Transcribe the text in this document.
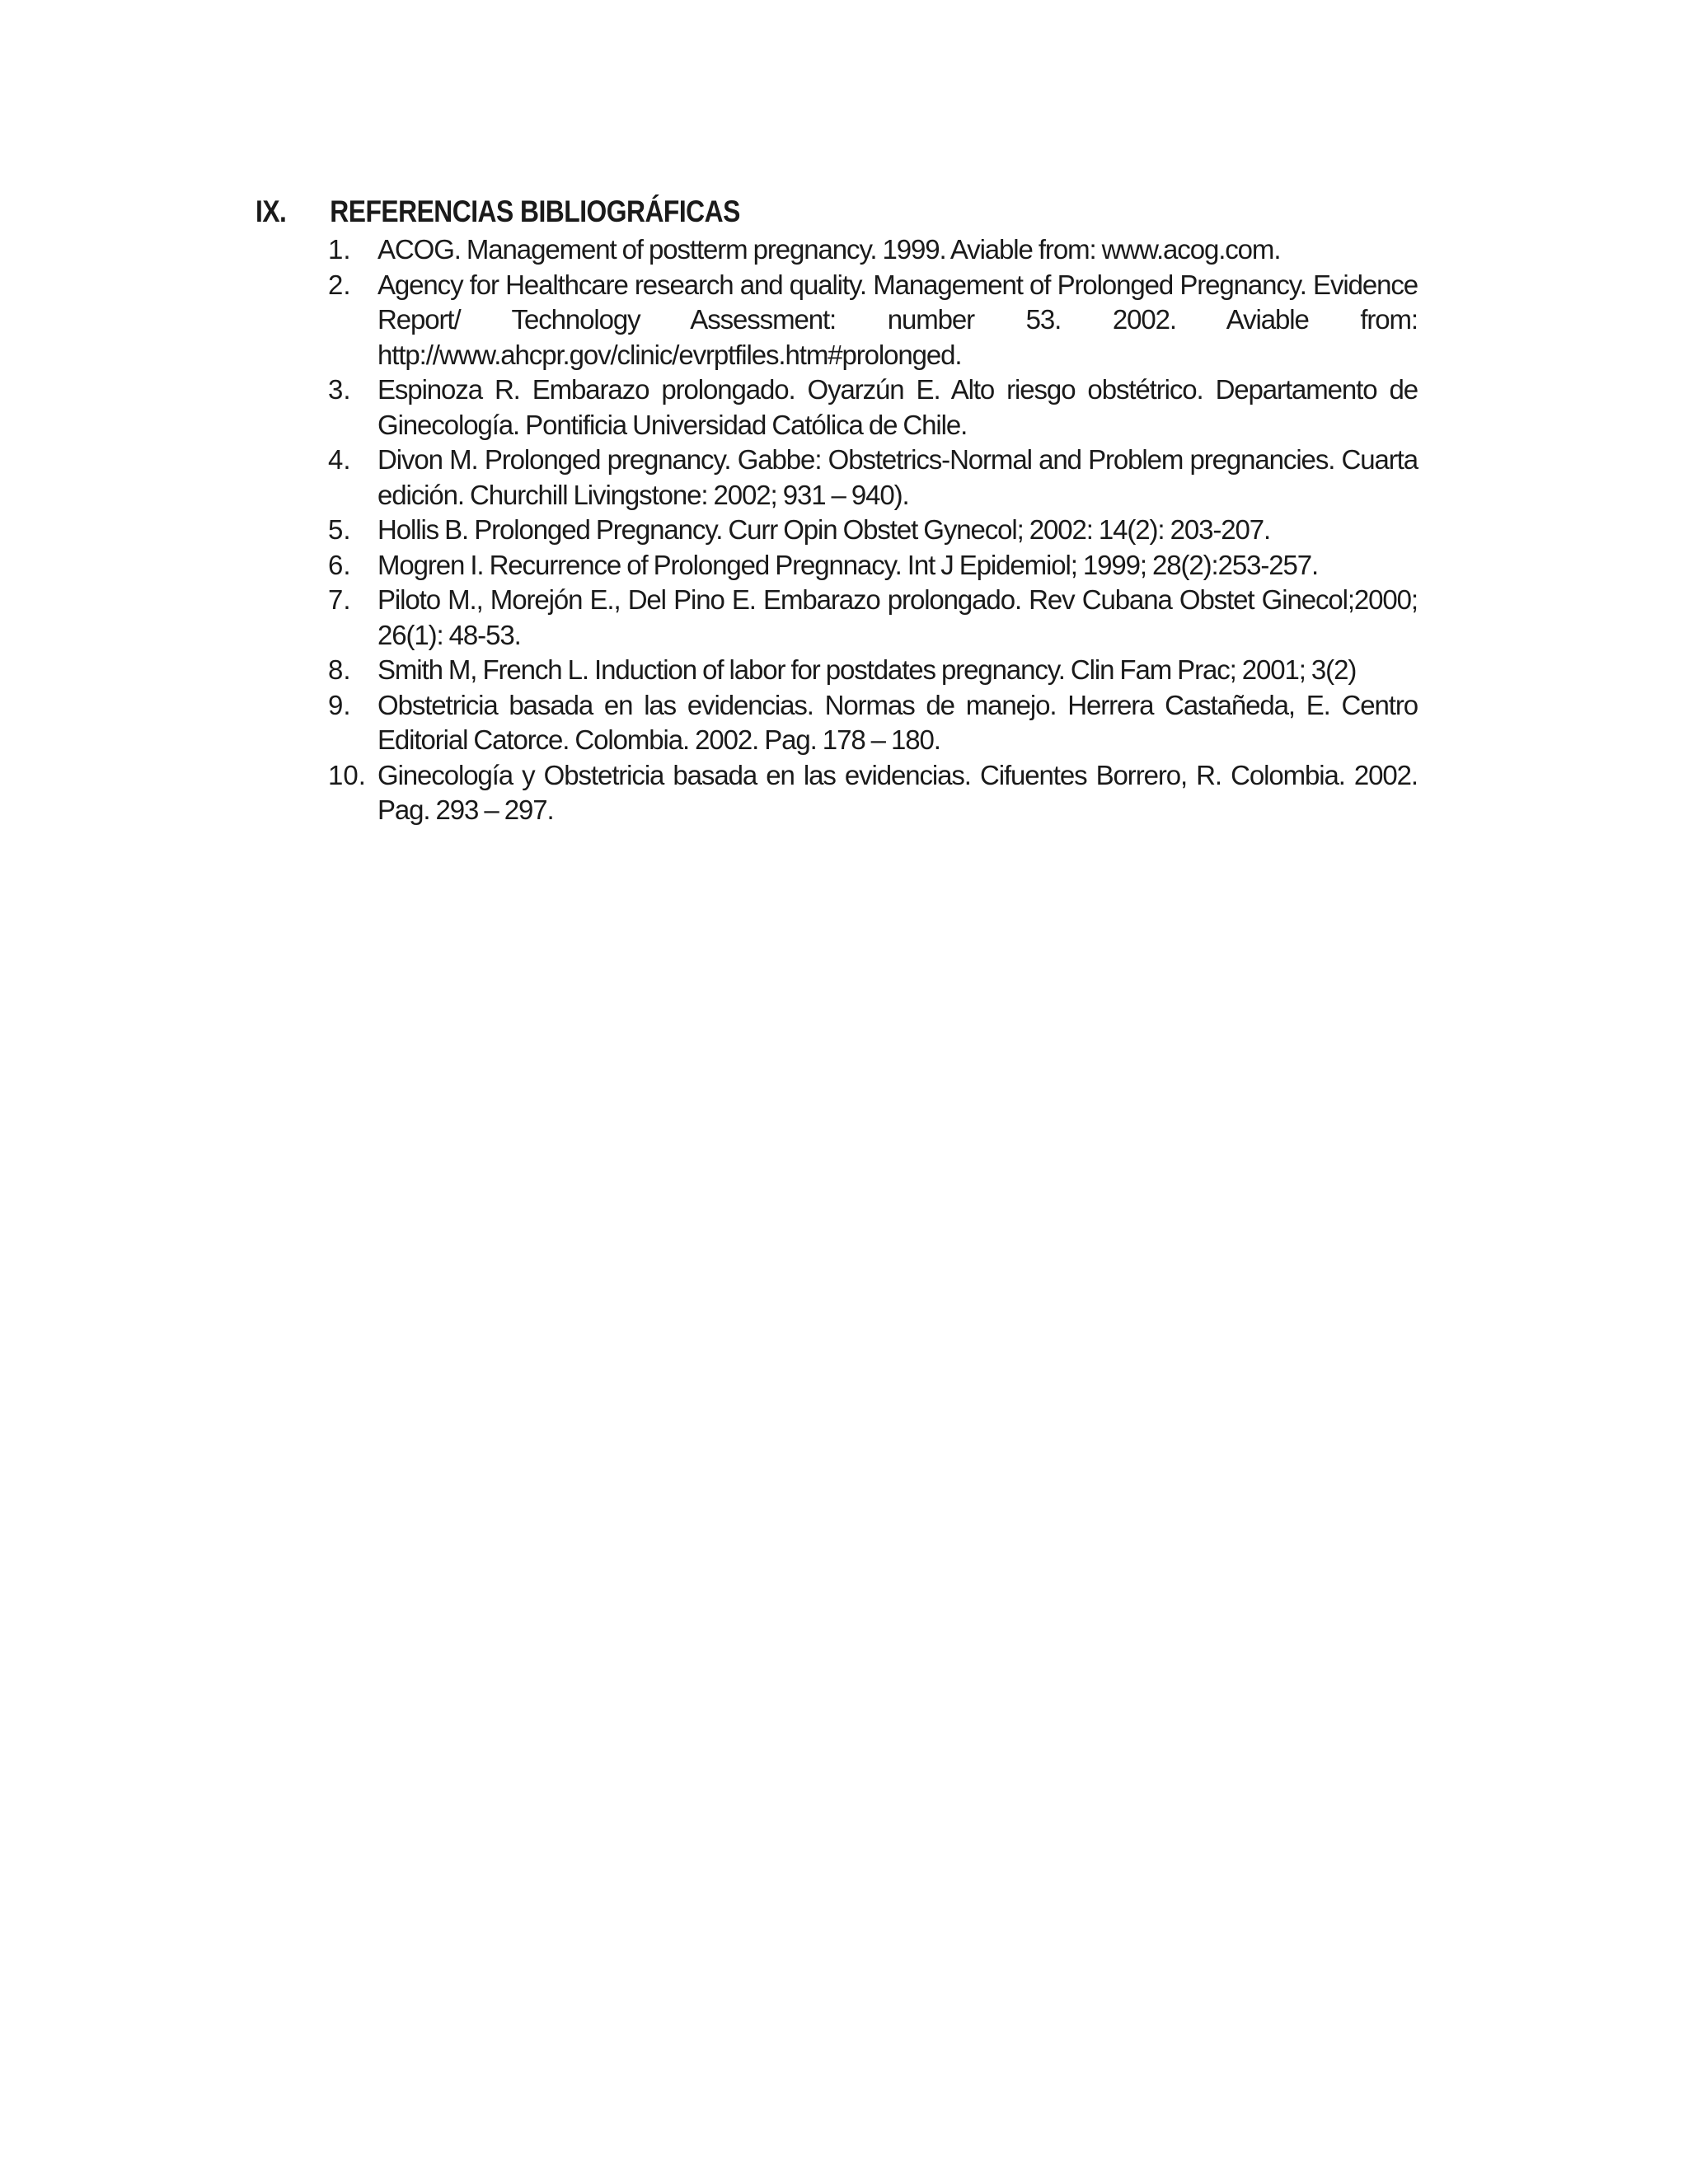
IX.	REFERENCIAS BIBLIOGRÁFICAS
1. ACOG. Management of postterm pregnancy. 1999. Aviable from: www.acog.com.
2. Agency for Healthcare research and quality. Management of Prolonged Pregnancy. Evidence Report/ Technology Assessment: number 53. 2002. Aviable from: http://www.ahcpr.gov/clinic/evrptfiles.htm#prolonged.
3. Espinoza R. Embarazo prolongado. Oyarzún E. Alto riesgo obstétrico. Departamento de Ginecología. Pontificia Universidad Católica de Chile.
4. Divon M. Prolonged pregnancy. Gabbe: Obstetrics-Normal and Problem pregnancies. Cuarta edición. Churchill Livingstone: 2002; 931 – 940).
5. Hollis B. Prolonged Pregnancy. Curr Opin Obstet Gynecol; 2002: 14(2): 203-207.
6. Mogren I. Recurrence of Prolonged Pregnnacy. Int J Epidemiol; 1999; 28(2):253-257.
7. Piloto M., Morejón E., Del Pino E. Embarazo prolongado. Rev Cubana Obstet Ginecol;2000; 26(1): 48-53.
8. Smith M, French L. Induction of labor for postdates pregnancy. Clin Fam Prac; 2001; 3(2)
9. Obstetricia basada en las evidencias. Normas de manejo. Herrera Castañeda, E. Centro Editorial Catorce. Colombia. 2002. Pag. 178 – 180.
10. Ginecología y Obstetricia basada en las evidencias. Cifuentes Borrero, R. Colombia. 2002. Pag. 293 – 297.
